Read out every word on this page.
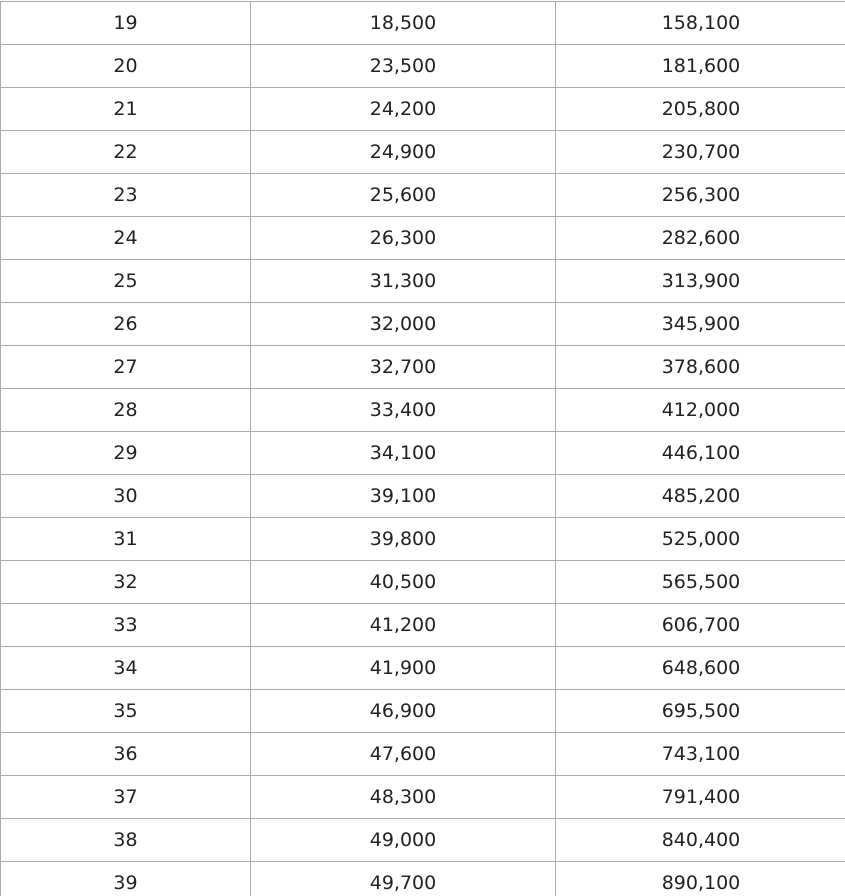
19	18,500	158,100
20	23,500	181,600
21	24,200	205,800
22	24,900	230,700
23	25,600	256,300
24	26,300	282,600
25	31,300	313,900
26	32,000	345,900
27	32,700	378,600
28	33,400	412,000
29	34,100	446,100
30	39,100	485,200
31	39,800	525,000
32	40,500	565,500
33	41,200	606,700
34	41,900	648,600
35	46,900	695,500
36	47,600	743,100
37	48,300	791,400
38	49,000	840,400
39	49,700	890,100
